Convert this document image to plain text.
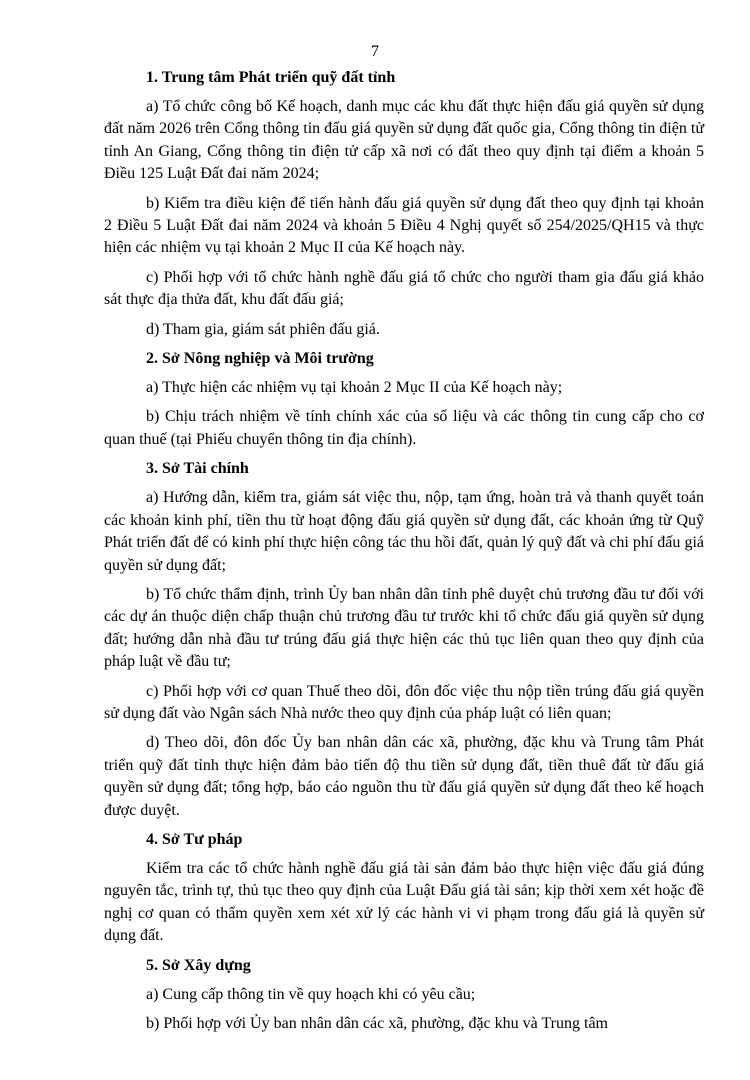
7
1. Trung tâm Phát triển quỹ đất tỉnh

a) Tổ chức công bố Kế hoạch, danh mục các khu đất thực hiện đấu giá quyền sử dụng đất năm 2026 trên Cổng thông tin đấu giá quyền sử dụng đất quốc gia, Cổng thông tin điện tử tỉnh An Giang, Cổng thông tin điện tử cấp xã nơi có đất theo quy định tại điểm a khoản 5 Điều 125 Luật Đất đai năm 2024;

b) Kiểm tra điều kiện để tiến hành đấu giá quyền sử dụng đất theo quy định tại khoản 2 Điều 5 Luật Đất đai năm 2024 và khoản 5 Điều 4 Nghị quyết số 254/2025/QH15 và thực hiện các nhiệm vụ tại khoản 2 Mục II của Kế hoạch này.

c) Phối hợp với tổ chức hành nghề đấu giá tổ chức cho người tham gia đấu giá khảo sát thực địa thửa đất, khu đất đấu giá;

d) Tham gia, giám sát phiên đấu giá.

2. Sở Nông nghiệp và Môi trường

a) Thực hiện các nhiệm vụ tại khoản 2 Mục II của Kế hoạch này;

b) Chịu trách nhiệm về tính chính xác của số liệu và các thông tin cung cấp cho cơ quan thuế (tại Phiếu chuyển thông tin địa chính).

3. Sở Tài chính

a) Hướng dẫn, kiểm tra, giám sát việc thu, nộp, tạm ứng, hoàn trả và thanh quyết toán các khoản kinh phí, tiền thu từ hoạt động đấu giá quyền sử dụng đất, các khoản ứng từ Quỹ Phát triển đất để có kinh phí thực hiện công tác thu hồi đất, quản lý quỹ đất và chi phí đấu giá quyền sử dụng đất;

b) Tổ chức thẩm định, trình Ủy ban nhân dân tỉnh phê duyệt chủ trương đầu tư đối với các dự án thuộc diện chấp thuận chủ trương đầu tư trước khi tổ chức đấu giá quyền sử dụng đất; hướng dẫn nhà đầu tư trúng đấu giá thực hiện các thủ tục liên quan theo quy định của pháp luật về đầu tư;

c) Phối hợp với cơ quan Thuế theo dõi, đôn đốc việc thu nộp tiền trúng đấu giá quyền sử dụng đất vào Ngân sách Nhà nước theo quy định của pháp luật có liên quan;

d) Theo dõi, đôn đốc Ủy ban nhân dân các xã, phường, đặc khu và Trung tâm Phát triển quỹ đất tỉnh thực hiện đảm bảo tiến độ thu tiền sử dụng đất, tiền thuê đất từ đấu giá quyền sử dụng đất; tổng hợp, báo cáo nguồn thu từ đấu giá quyền sử dụng đất theo kế hoạch được duyệt.

4. Sở Tư pháp

Kiểm tra các tổ chức hành nghề đấu giá tài sản đảm bảo thực hiện việc đấu giá đúng nguyên tắc, trình tự, thủ tục theo quy định của Luật Đấu giá tài sản; kịp thời xem xét hoặc đề nghị cơ quan có thẩm quyền xem xét xử lý các hành vi vi phạm trong đấu giá là quyền sử dụng đất.

5. Sở Xây dựng

a) Cung cấp thông tin về quy hoạch khi có yêu cầu;

b) Phối hợp với Ủy ban nhân dân các xã, phường, đặc khu và Trung tâm
